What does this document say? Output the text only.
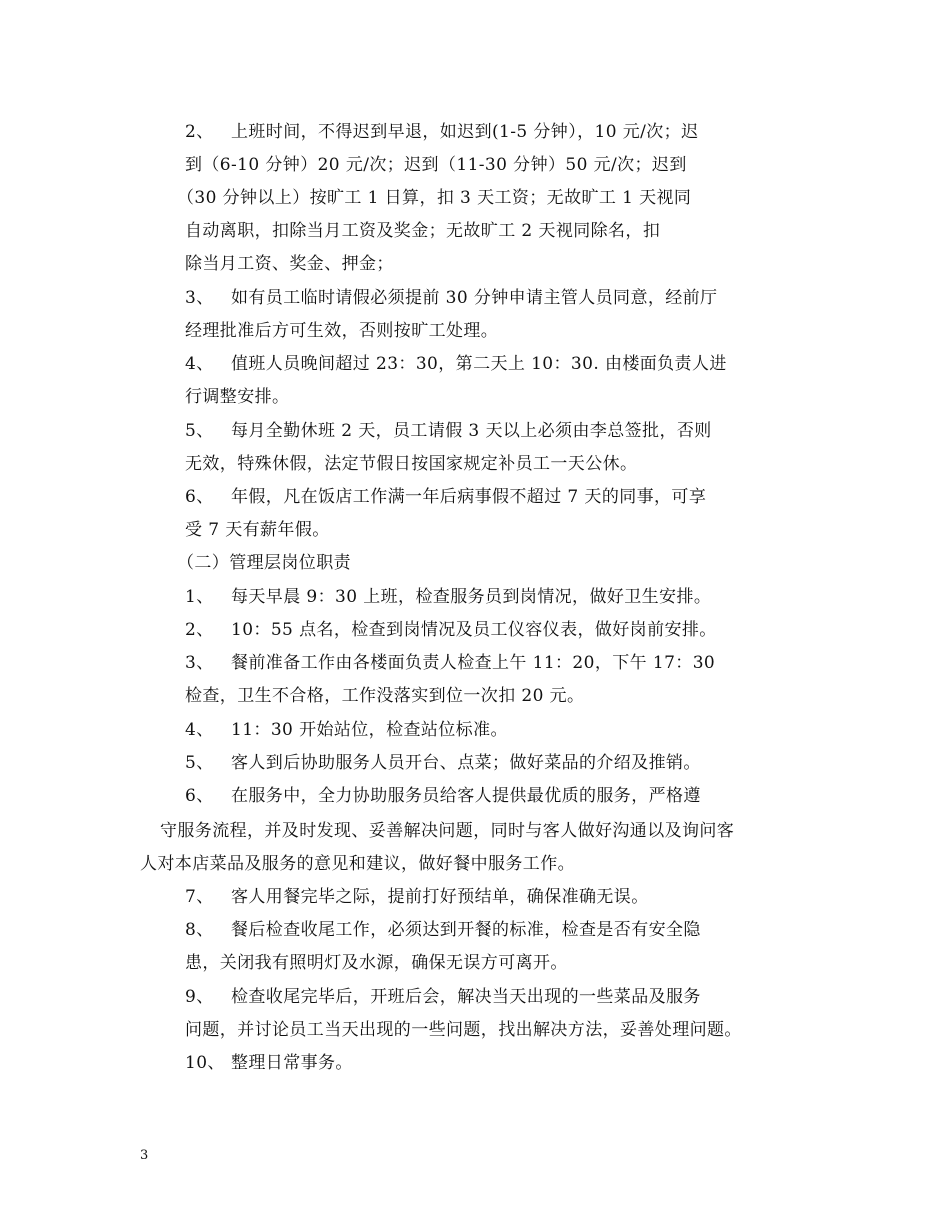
2、 上班时间，不得迟到早退，如迟到(1-5 分钟），10 元/次；迟
到（6-10 分钟）20 元/次；迟到（11-30 分钟）50 元/次；迟到
（30 分钟以上）按旷工 1 日算，扣 3 天工资；无故旷工 1 天视同
自动离职，扣除当月工资及奖金；无故旷工 2 天视同除名，扣
除当月工资、奖金、押金；
3、 如有员工临时请假必须提前 30 分钟申请主管人员同意，经前厅
经理批准后方可生效，否则按旷工处理。
4、 值班人员晚间超过 23：30，第二天上 10：30. 由楼面负责人进
行调整安排。
5、 每月全勤休班 2 天，员工请假 3 天以上必须由李总签批，否则
无效，特殊休假，法定节假日按国家规定补员工一天公休。
6、 年假，凡在饭店工作满一年后病事假不超过 7 天的同事，可享
受 7 天有薪年假。
（二）管理层岗位职责
1、 每天早晨 9：30 上班，检查服务员到岗情况，做好卫生安排。
2、 10：55 点名，检查到岗情况及员工仪容仪表，做好岗前安排。
3、 餐前准备工作由各楼面负责人检查上午 11：20，下午 17：30
检查，卫生不合格，工作没落实到位一次扣 20 元。
4、 11：30 开始站位，检查站位标准。
5、 客人到后协助服务人员开台、点菜；做好菜品的介绍及推销。
6、 在服务中，全力协助服务员给客人提供最优质的服务，严格遵
守服务流程，并及时发现、妥善解决问题，同时与客人做好沟通以及询问客
人对本店菜品及服务的意见和建议，做好餐中服务工作。
7、 客人用餐完毕之际，提前打好预结单，确保准确无误。
8、 餐后检查收尾工作，必须达到开餐的标准，检查是否有安全隐
患，关闭我有照明灯及水源，确保无误方可离开。
9、 检查收尾完毕后，开班后会，解决当天出现的一些菜品及服务
问题，并讨论员工当天出现的一些问题，找出解决方法，妥善处理问题。
10、 整理日常事务。
3
